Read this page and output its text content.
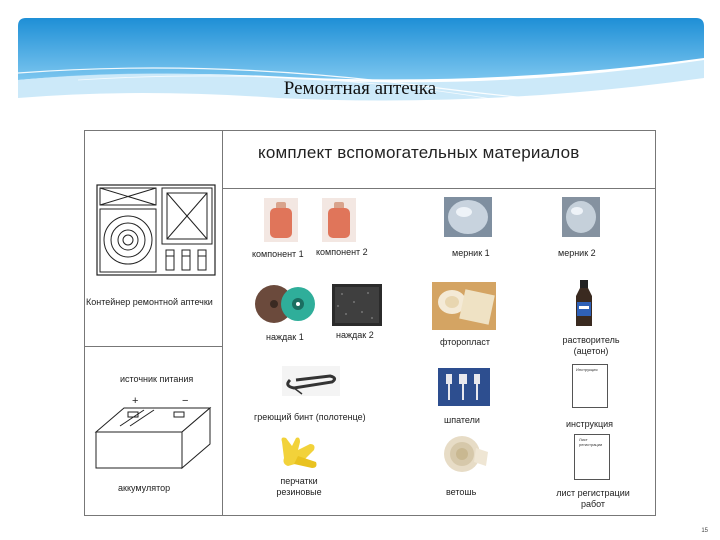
Ремонтная аптечка
Контейнер ремонтной аптечки
источник питания
+	−
аккумулятор
комплект вспомогательных материалов
компонент 1 компонент 2	мерник 1	мерник 2
наждак 1	наждак 2
фторопласт	растворитель
(ацетон)
греющий бинт (полотенце)	шпатели
Инструкция
инструкция
перчатки
резиновые	ветошь
Лист регистрации
лист регистрации
работ
15
